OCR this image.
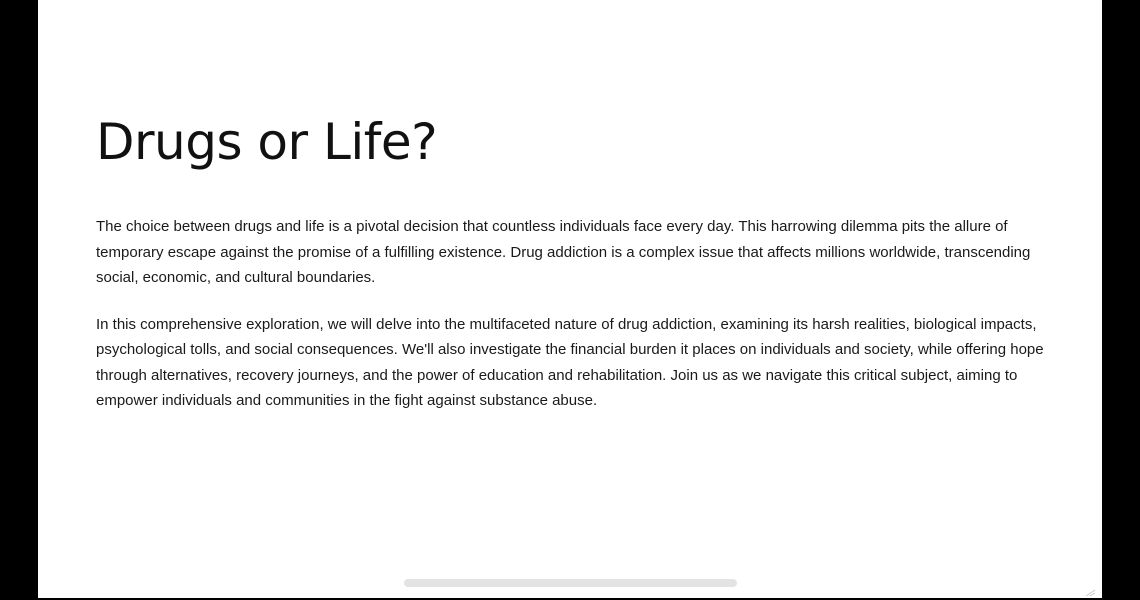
Drugs or Life?

The choice between drugs and life is a pivotal decision that countless individuals face every day. This harrowing dilemma pits the allure of temporary escape against the promise of a fulfilling existence. Drug addiction is a complex issue that affects millions worldwide, transcending social, economic, and cultural boundaries.

In this comprehensive exploration, we will delve into the multifaceted nature of drug addiction, examining its harsh realities, biological impacts, psychological tolls, and social consequences. We'll also investigate the financial burden it places on individuals and society, while offering hope through alternatives, recovery journeys, and the power of education and rehabilitation. Join us as we navigate this critical subject, aiming to empower individuals and communities in the fight against substance abuse.
